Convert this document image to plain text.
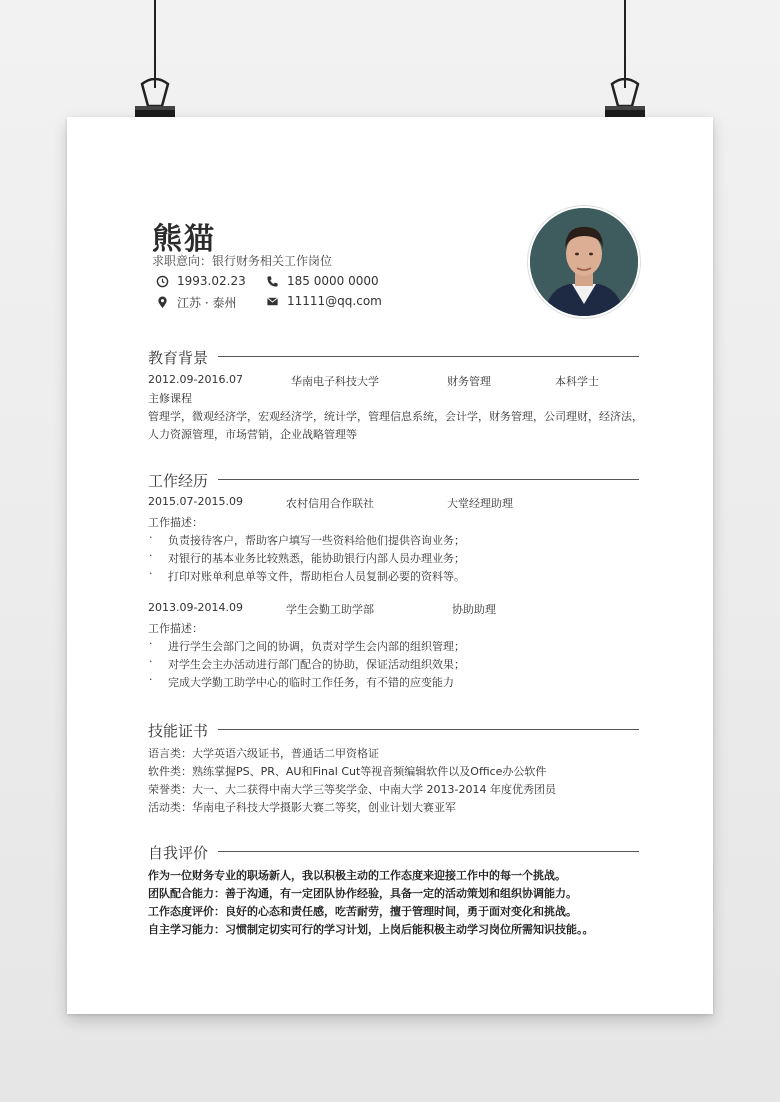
熊猫
求职意向：银行财务相关工作岗位
1993.02.23	185 0000 0000
江苏 · 泰州	11111@qq.com
教育背景
2012.09-2016.07	华南电子科技大学	财务管理	本科学士
主修课程
管理学，微观经济学，宏观经济学，统计学，管理信息系统，会计学，财务管理，公司理财，经济法，
人力资源管理，市场营销，企业战略管理等
工作经历
2015.07-2015.09	农村信用合作联社	大堂经理助理
工作描述：
· 负责接待客户，帮助客户填写一些资料给他们提供咨询业务；
· 对银行的基本业务比较熟悉，能协助银行内部人员办理业务；
· 打印对账单利息单等文件，帮助柜台人员复制必要的资料等。
2013.09-2014.09	学生会勤工助学部	协助助理
工作描述：
· 进行学生会部门之间的协调，负责对学生会内部的组织管理；
· 对学生会主办活动进行部门配合的协助，保证活动组织效果；
· 完成大学勤工助学中心的临时工作任务，有不错的应变能力
技能证书
语言类：大学英语六级证书，普通话二甲资格证
软件类：熟练掌握PS、PR、AU和Final Cut等视音频编辑软件以及Office办公软件
荣誉类：大一、大二获得中南大学三等奖学金、中南大学 2013-2014 年度优秀团员
活动类：华南电子科技大学摄影大赛二等奖，创业计划大赛亚军
自我评价
作为一位财务专业的职场新人，我以积极主动的工作态度来迎接工作中的每一个挑战。
团队配合能力：善于沟通，有一定团队协作经验，具备一定的活动策划和组织协调能力。
工作态度评价：良好的心态和责任感，吃苦耐劳，擅于管理时间，勇于面对变化和挑战。
自主学习能力：习惯制定切实可行的学习计划，上岗后能积极主动学习岗位所需知识技能。。
